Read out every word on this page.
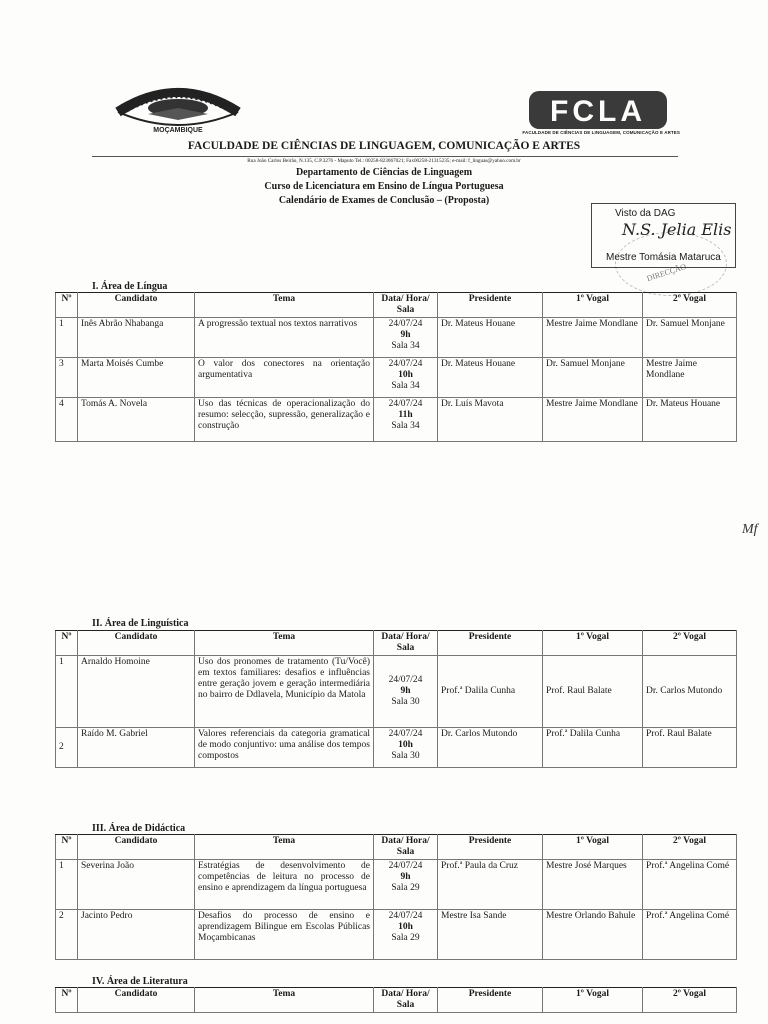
MOÇAMBIQUE
FCLA
FACULDADE DE CIÊNCIAS DE LINGUAGEM, COMUNICAÇÃO E ARTES
FACULDADE DE CIÊNCIAS DE LINGUAGEM, COMUNICAÇÃO E ARTES
Rua João Carlos Beirão, N.135, C.P.3276 - Maputo Tel.: 00258-823067021; Fax00258-21315235; e-mail: f_linguas@yahoo.com.br
Departamento de Ciências de Linguagem
Curso de Licenciatura em Ensino de Língua Portuguesa
Calendário de Exames de Conclusão – (Proposta)
DIRECÇÃO
Visto da DAG
N.S. Jelia Elis
Mestre Tomásia Mataruca
Mf
I. Área de Língua
Nº	Candidato	Tema	Data/ Hora/ Sala	Presidente	1º Vogal	2º Vogal
1	Inês Abrão Nhabanga	A progressão textual nos textos narrativos	24/07/24
9h
Sala 34	Dr. Mateus Houane	Mestre Jaime Mondlane	Dr. Samuel Monjane
3	Marta Moisés Cumbe	O valor dos conectores na orientação argumentativa	24/07/24
10h
Sala 34	Dr. Mateus Houane	Dr. Samuel Monjane	Mestre Jaime Mondlane
4	Tomás A. Novela	Uso das técnicas de operacionalização do resumo: selecção, supressão, generalização e construção	24/07/24
11h
Sala 34	Dr. Luís Mavota	Mestre Jaime Mondlane	Dr. Mateus Houane
II. Área de Linguística
Nº	Candidato	Tema	Data/ Hora/ Sala	Presidente	1º Vogal	2º Vogal
1	Arnaldo Homoine	Uso dos pronomes de tratamento (Tu/Você) em textos familiares: desafios e influências entre geração jovem e geração intermediária no bairro de Ddlavela, Município da Matola	24/07/24
9h
Sala 30	Prof.ª Dalila Cunha	Prof. Raul Balate	Dr. Carlos Mutondo
2	Raído M. Gabriel	Valores referenciais da categoria gramatical de modo conjuntivo: uma análise dos tempos compostos	24/07/24
10h
Sala 30	Dr. Carlos Mutondo	Prof.ª Dalila Cunha	Prof. Raul Balate
III. Área de Didáctica
Nº	Candidato	Tema	Data/ Hora/ Sala	Presidente	1º Vogal	2º Vogal
1	Severina João	Estratégias de desenvolvimento de competências de leitura no processo de ensino e aprendizagem da língua portuguesa	24/07/24
9h
Sala 29	Prof.ª Paula da Cruz	Mestre José Marques	Prof.ª Angelina Comé
2	Jacinto Pedro	Desafios do processo de ensino e aprendizagem Bilingue em Escolas Públicas Moçambicanas	24/07/24
10h
Sala 29	Mestre Isa Sande	Mestre Orlando Bahule	Prof.ª Angelina Comé
IV. Área de Literatura
Nº	Candidato	Tema	Data/ Hora/ Sala	Presidente	1º Vogal	2º Vogal
